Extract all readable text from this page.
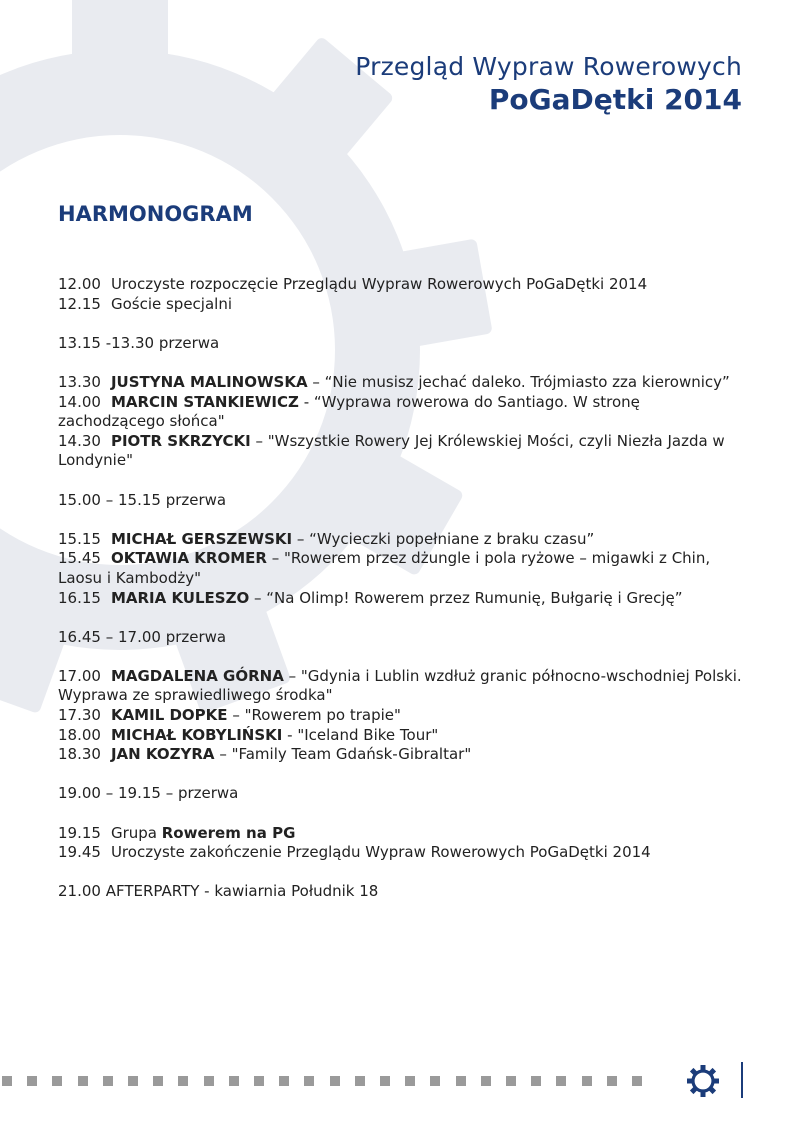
Przegląd Wypraw Rowerowych
PoGaDętki 2014
HARMONOGRAM
12.00 Uroczyste rozpoczęcie Przeglądu Wypraw Rowerowych PoGaDętki 2014
12.15 Goście specjalni
13.15 -13.30 przerwa
13.30 JUSTYNA MALINOWSKA – “Nie musisz jechać daleko. Trójmiasto zza kierownicy”
14.00 MARCIN STANKIEWICZ - “Wyprawa rowerowa do Santiago. W stronę zachodzącego słońca"
14.30 PIOTR SKRZYCKI – "Wszystkie Rowery Jej Królewskiej Mości, czyli Niezła Jazda w Londynie"
15.00 – 15.15 przerwa
15.15 MICHAŁ GERSZEWSKI – “Wycieczki popełniane z braku czasu”
15.45 OKTAWIA KROMER – "Rowerem przez dżungle i pola ryżowe – migawki z Chin, Laosu i Kambodży"
16.15 MARIA KULESZO – “Na Olimp! Rowerem przez Rumunię, Bułgarię i Grecję”
16.45 – 17.00 przerwa
17.00 MAGDALENA GÓRNA – "Gdynia i Lublin wzdłuż granic północno-wschodniej Polski. Wyprawa ze sprawiedliwego środka"
17.30 KAMIL DOPKE – "Rowerem po trapie"
18.00 MICHAŁ KOBYLIŃSKI - "Iceland Bike Tour"
18.30 JAN KOZYRA – "Family Team Gdańsk-Gibraltar"
19.00 – 19.15 – przerwa
19.15 Grupa Rowerem na PG
19.45 Uroczyste zakończenie Przeglądu Wypraw Rowerowych PoGaDętki 2014
21.00 AFTERPARTY - kawiarnia Południk 18
